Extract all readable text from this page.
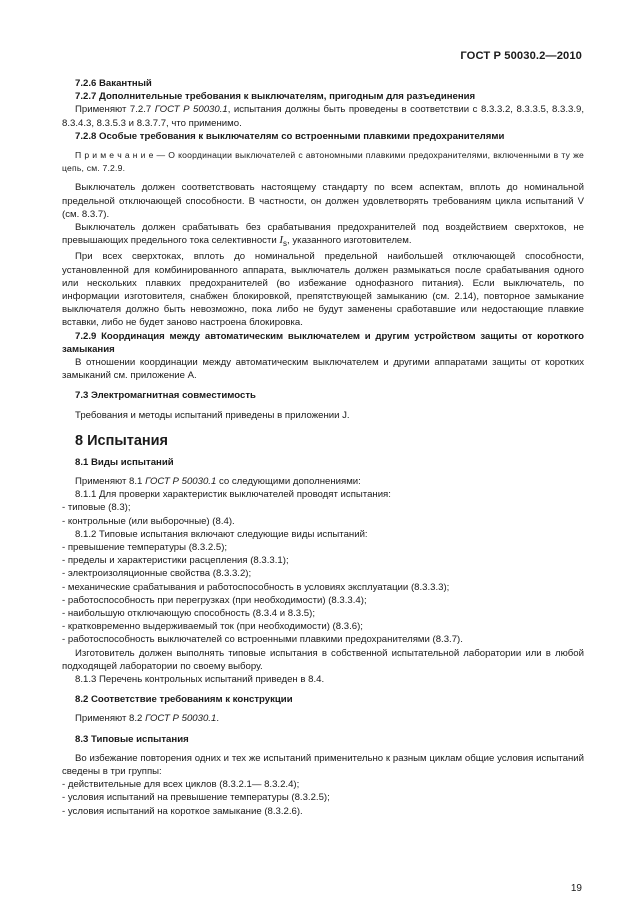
ГОСТ Р 50030.2—2010

7.2.6 Вакантный

7.2.7 Дополнительные требования к выключателям, пригодным для разъединения

Применяют 7.2.7 ГОСТ Р 50030.1, испытания должны быть проведены в соответствии с 8.3.3.2, 8.3.3.5, 8.3.3.9, 8.3.4.3, 8.3.5.3 и 8.3.7.7, что применимо.

7.2.8 Особые требования к выключателям со встроенными плавкими предохранителями

П р и м е ч а н и е — О координации выключателей с автономными плавкими предохранителями, включенными в ту же цепь, см. 7.2.9.

Выключатель должен соответствовать настоящему стандарту по всем аспектам, вплоть до номинальной предельной отключающей способности. В частности, он должен удовлетворять требованиям цикла испытаний V (см. 8.3.7).

Выключатель должен срабатывать без срабатывания предохранителей под воздействием сверхтоков, не превышающих предельного тока селективности $I_s$, указанного изготовителем.

При всех сверхтоках, вплоть до номинальной предельной наибольшей отключающей способности, установленной для комбинированного аппарата, выключатель должен размыкаться после срабатывания одного или нескольких плавких предохранителей (во избежание однофазного питания). Если выключатель, по информации изготовителя, снабжен блокировкой, препятствующей замыканию (см. 2.14), повторное замыкание выключателя должно быть невозможно, пока либо не будут заменены сработавшие или недостающие плавкие вставки, либо не будет заново настроена блокировка.

7.2.9 Координация между автоматическим выключателем и другим устройством защиты от короткого замыкания

В отношении координации между автоматическим выключателем и другими аппаратами защиты от коротких замыканий см. приложение А.

7.3 Электромагнитная совместимость

Требования и методы испытаний приведены в приложении J.

8 Испытания

8.1 Виды испытаний

Применяют 8.1 ГОСТ Р 50030.1 со следующими дополнениями:

8.1.1 Для проверки характеристик выключателей проводят испытания:

- типовые (8.3);

- контрольные (или выборочные) (8.4).

8.1.2 Типовые испытания включают следующие виды испытаний:

- превышение температуры (8.3.2.5);

- пределы и характеристики расцепления (8.3.3.1);

- электроизоляционные свойства (8.3.3.2);

- механические срабатывания и работоспособность в условиях эксплуатации (8.3.3.3);

- работоспособность при перегрузках (при необходимости) (8.3.3.4);

- наибольшую отключающую способность (8.3.4 и 8.3.5);

- кратковременно выдерживаемый ток (при необходимости) (8.3.6);

- работоспособность выключателей со встроенными плавкими предохранителями (8.3.7).

Изготовитель должен выполнять типовые испытания в собственной испытательной лаборатории или в любой подходящей лаборатории по своему выбору.

8.1.3 Перечень контрольных испытаний приведен в 8.4.

8.2 Соответствие требованиям к конструкции

Применяют 8.2 ГОСТ Р 50030.1.

8.3 Типовые испытания

Во избежание повторения одних и тех же испытаний применительно к разным циклам общие условия испытаний сведены в три группы:

- действительные для всех циклов (8.3.2.1— 8.3.2.4);

- условия испытаний на превышение температуры (8.3.2.5);

- условия испытаний на короткое замыкание (8.3.2.6).

19
